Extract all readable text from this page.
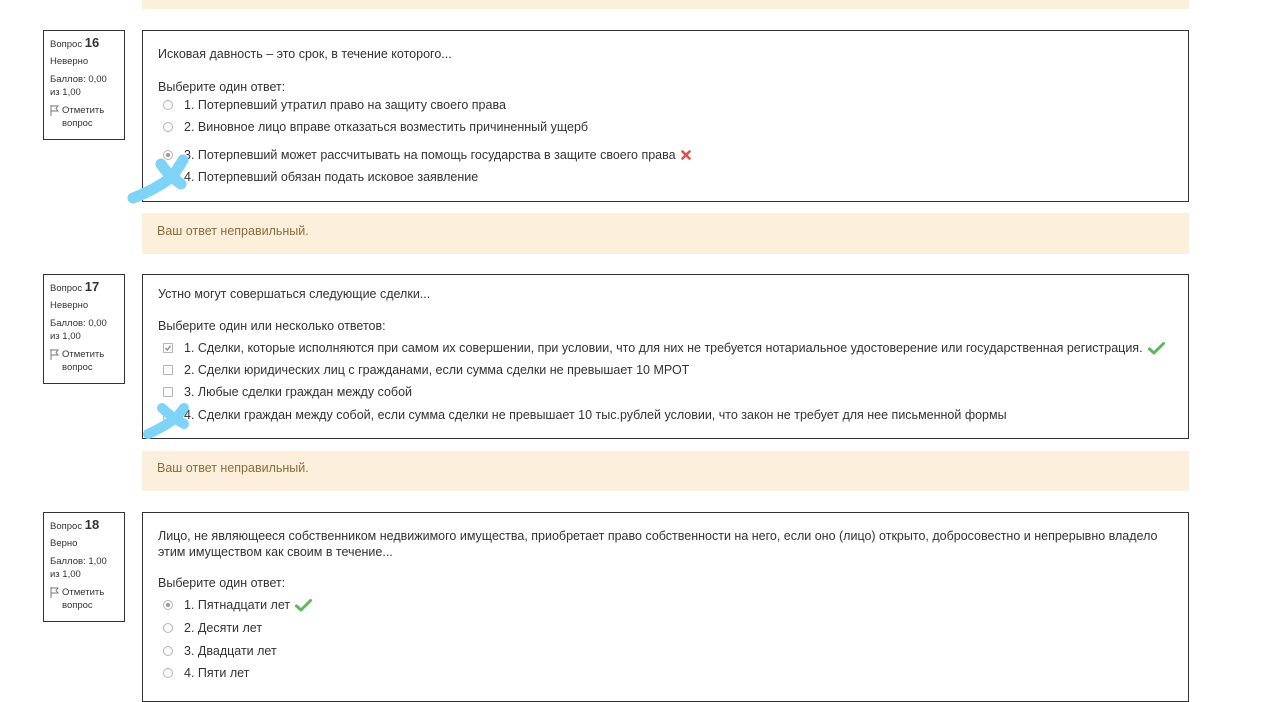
Вопрос 16
Неверно
Баллов: 0,00
из 1,00
Отметить
вопрос
Исковая давность – это срок, в течение которого...
Выберите один ответ:
1. Потерпевший утратил право на защиту своего права
2. Виновное лицо вправе отказаться возместить причиненный ущерб
3. Потерпевший может рассчитывать на помощь государства в защите своего права
4. Потерпевший обязан подать исковое заявление
Ваш ответ неправильный.
Вопрос 17
Неверно
Баллов: 0,00
из 1,00
Отметить
вопрос
Устно могут совершаться следующие сделки...
Выберите один или несколько ответов:
1. Сделки, которые исполняются при самом их совершении, при условии, что для них не требуется нотариальное удостоверение или государственная регистрация.
2. Сделки юридических лиц с гражданами, если сумма сделки не превышает 10 МРОТ
3. Любые сделки граждан между собой
4. Сделки граждан между собой, если сумма сделки не превышает 10 тыс.рублей условии, что закон не требует для нее письменной формы
Ваш ответ неправильный.
Вопрос 18
Верно
Баллов: 1,00
из 1,00
Отметить
вопрос
Лицо, не являющееся собственником недвижимого имущества, приобретает право собственности на него, если оно (лицо) открыто, добросовестно и непрерывно владело этим имуществом как своим в течение...
Выберите один ответ:
1. Пятнадцати лет
2. Десяти лет
3. Двадцати лет
4. Пяти лет
